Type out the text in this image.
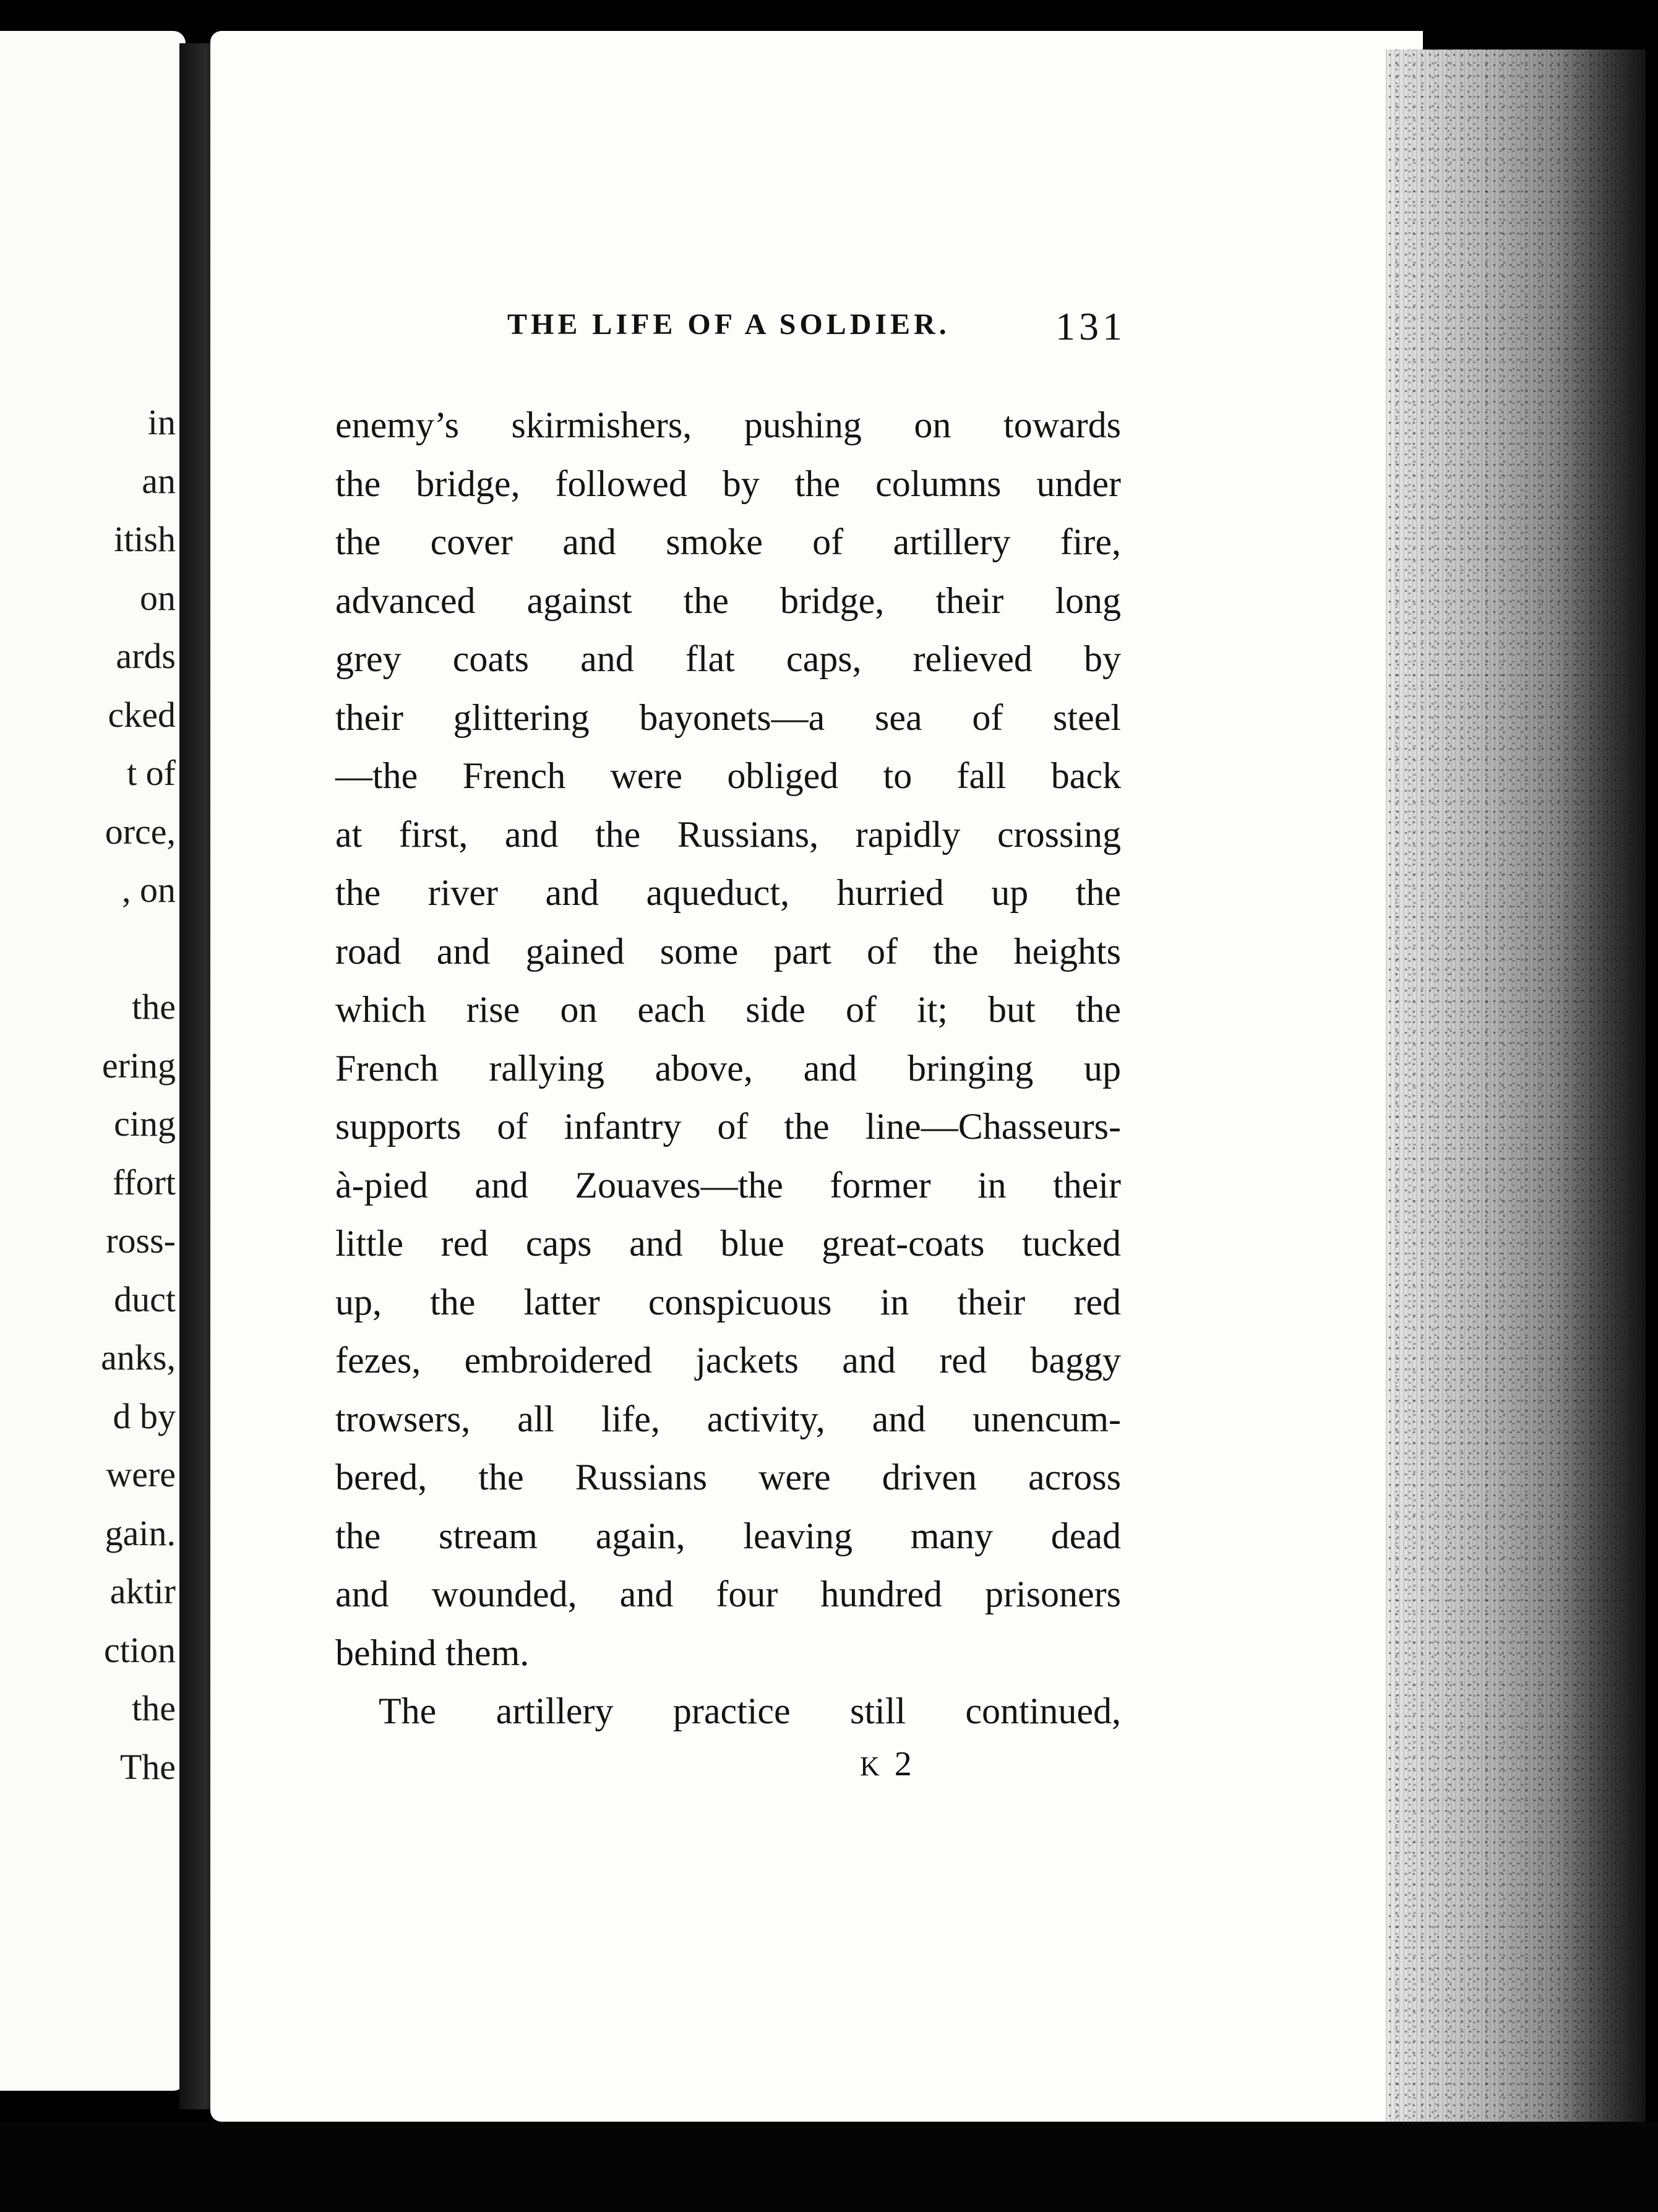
in
an
itish
on
ards
cked
t of
orce,
, on
the
ering
cing
ffort
ross-
duct
anks,
d by
were
gain.
aktir
ction
the
The
THE LIFE OF A SOLDIER.	131
enemy’s skirmishers, pushing on towards
the bridge, followed by the columns under
the cover and smoke of artillery fire,
advanced against the bridge, their long
grey coats and flat caps, relieved by
their glittering bayonets—a sea of steel
—the French were obliged to fall back
at first, and the Russians, rapidly crossing
the river and aqueduct, hurried up the
road and gained some part of the heights
which rise on each side of it; but the
French rallying above, and bringing up
supports of infantry of the line—Chasseurs-
à-pied and Zouaves—the former in their
little red caps and blue great-coats tucked
up, the latter conspicuous in their red
fezes, embroidered jackets and red baggy
trowsers, all life, activity, and unencum-
bered, the Russians were driven across
the stream again, leaving many dead
and wounded, and four hundred prisoners
behind them.
The artillery practice still continued,
K2
